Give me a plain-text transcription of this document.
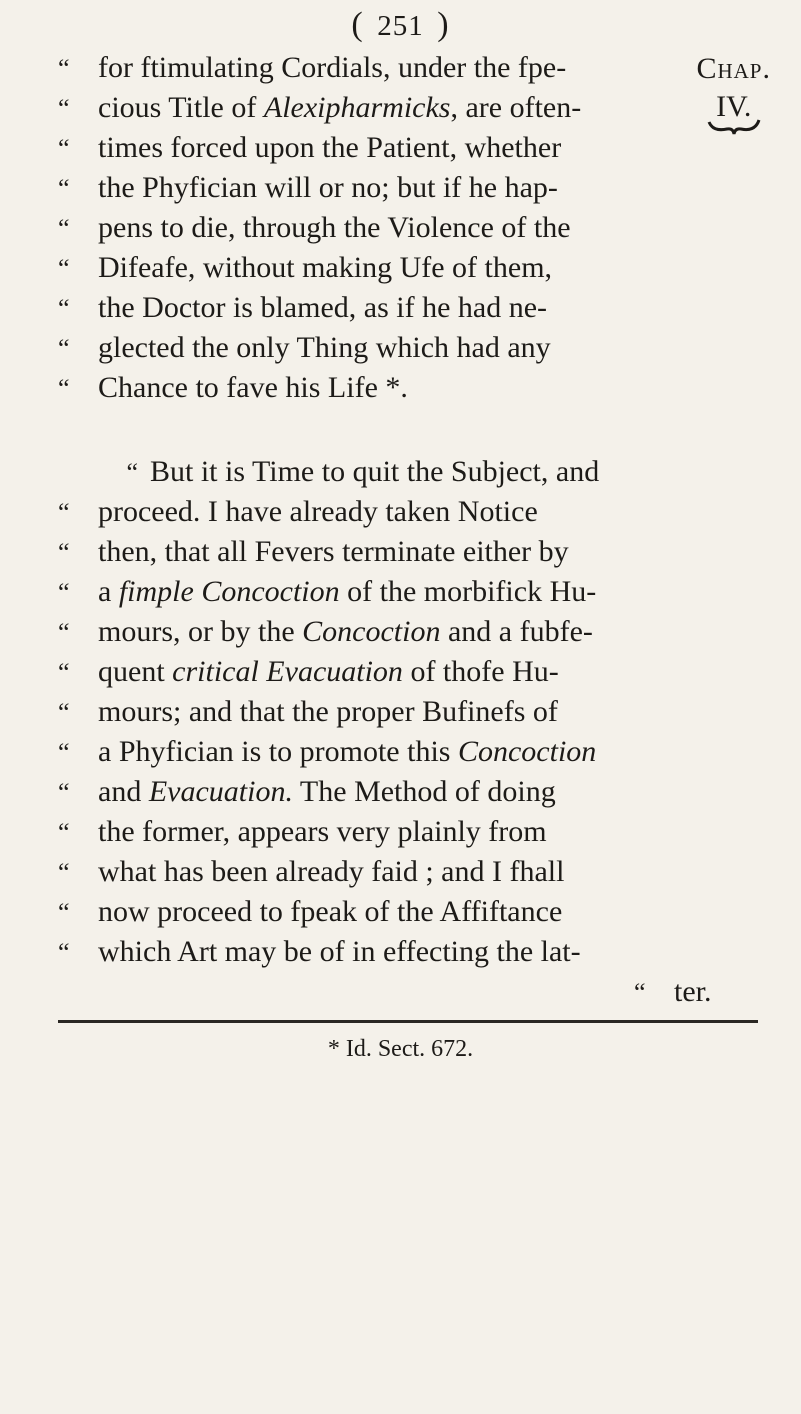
( 251 )
Chap.
IV.
“ for ftimulating Cordials, under the fpe-
“ cious Title of Alexipharmicks, are often-
“ times forced upon the Patient, whether
“ the Phyfician will or no; but if he hap-
“ pens to die, through the Violence of the
“ Difeafe, without making Ufe of them,
“ the Doctor is blamed, as if he had ne-
“ glected the only Thing which had any
“ Chance to fave his Life *.
“ But it is Time to quit the Subject, and
“ proceed. I have already taken Notice
“ then, that all Fevers terminate either by
“ a fimple Concoction of the morbifick Hu-
“ mours, or by the Concoction and a fubfe-
“ quent critical Evacuation of thofe Hu-
“ mours; and that the proper Bufinefs of
“ a Phyfician is to promote this Concoction
“ and Evacuation. The Method of doing
“ the former, appears very plainly from
“ what has been already faid ; and I fhall
“ now proceed to fpeak of the Affiftance
“ which Art may be of in effecting the lat-
“ ter.
* Id. Sect. 672.
